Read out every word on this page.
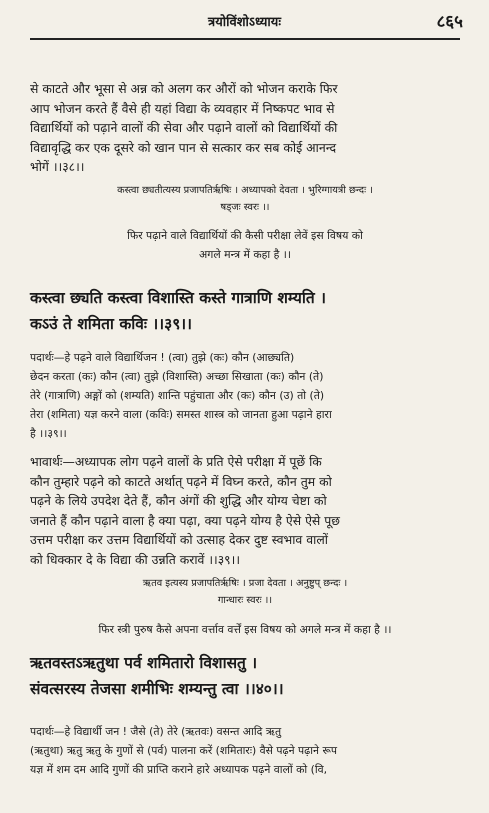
त्रयोविंशोऽध्यायः	८६५
से काटते और भूसा से अन्न को अलग कर औरों को भोजन कराके फिर
आप भोजन करते हैं वैसे ही यहां विद्या के व्यवहार में निष्कपट भाव से
विद्यार्थियों को पढ़ाने वालों की सेवा और पढ़ाने वालों को विद्यार्थियों की
विद्यावृद्धि कर एक दूसरे को खान पान से सत्कार कर सब कोई आनन्द
भोगें ।।३८।।
कस्त्वा छ्यतीत्यस्य प्रजापतिर्ऋषिः । अध्यापको देवता । भुरिग्गायत्री छन्दः ।
षड्जः स्वरः ।।
फिर पढ़ाने वाले विद्यार्थियों की कैसी परीक्षा लेवें इस विषय को
अगले मन्त्र में कहा है ।।
कस्त्वा छ्यति कस्त्वा विशास्ति कस्ते गात्राणि शम्यति ।
कऽउं ते शमिता कविः ।।३९।।
पदार्थः—हे पढ़ने वाले विद्यार्थिजन ! (त्वा) तुझे (कः) कौन (आछ्यति)
छेदन करता (कः) कौन (त्वा) तुझे (विशास्ति) अच्छा सिखाता (कः) कौन (ते)
तेरे (गात्राणि) अङ्गों को (शम्यति) शान्ति पहुंचाता और (कः) कौन (उ) तो (ते)
तेरा (शमिता) यज्ञ करने वाला (कविः) समस्त शास्त्र को जानता हुआ पढ़ाने हारा
है ।।३९।।
भावार्थः—अध्यापक लोग पढ़ने वालों के प्रति ऐसे परीक्षा में पूछें कि
कौन तुम्हारे पढ़ने को काटते अर्थात् पढ़ने में विघ्न करते, कौन तुम को
पढ़ने के लिये उपदेश देते हैं, कौन अंगों की शुद्धि और योग्य चेष्टा को
जनाते हैं कौन पढ़ाने वाला है क्या पढ़ा, क्या पढ़ने योग्य है ऐसे ऐसे पूछ
उत्तम परीक्षा कर उत्तम विद्यार्थियों को उत्साह देकर दुष्ट स्वभाव वालों
को धिक्कार दे के विद्या की उन्नति करावें ।।३९।।
ऋतव इत्यस्य प्रजापतिर्ऋषिः । प्रजा देवता । अनुष्टुप् छन्दः ।
गान्धारः स्वरः ।।
फिर स्त्री पुरुष कैसे अपना वर्त्ताव वर्त्तें इस विषय को अगले मन्त्र में कहा है ।।
ऋतवस्तऽऋतुथा पर्व शमितारो विशासतु ।
संवत्सरस्य तेजसा शमीभिः शम्यन्तु त्वा ।।४०।।
पदार्थः—हे विद्यार्थी जन ! जैसे (ते) तेरे (ऋतवः) वसन्त आदि ऋतु
(ऋतुथा) ऋतु ऋतु के गुणों से (पर्व) पालना करें (शमितारः) वैसे पढ़ने पढ़ाने रूप
यज्ञ में शम दम आदि गुणों की प्राप्ति कराने हारे अध्यापक पढ़ने वालों को (वि,
